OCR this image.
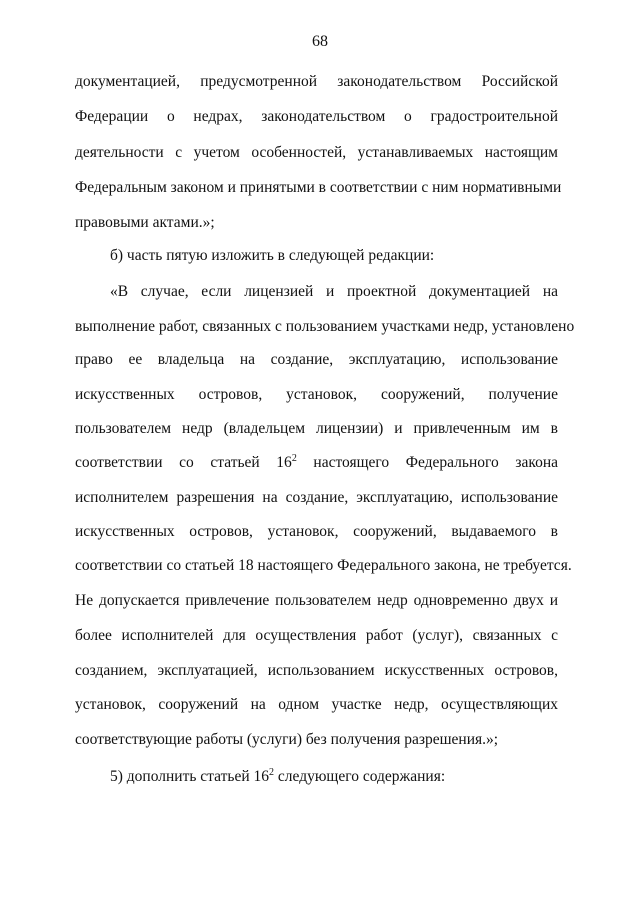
68
документацией, предусмотренной законодательством Российской
Федерации о недрах, законодательством о градостроительной
деятельности с учетом особенностей, устанавливаемых настоящим
Федеральным законом и принятыми в соответствии с ним нормативными
правовыми актами.»;
б) часть пятую изложить в следующей редакции:
«В случае, если лицензией и проектной документацией на
выполнение работ, связанных с пользованием участками недр, установлено
право ее владельца на создание, эксплуатацию, использование
искусственных островов, установок, сооружений, получение
пользователем недр (владельцем лицензии) и привлеченным им в
соответствии со статьей $16^2$ настоящего Федерального закона
исполнителем разрешения на создание, эксплуатацию, использование
искусственных островов, установок, сооружений, выдаваемого в
соответствии со статьей 18 настоящего Федерального закона, не требуется.
Не допускается привлечение пользователем недр одновременно двух и
более исполнителей для осуществления работ (услуг), связанных с
созданием, эксплуатацией, использованием искусственных островов,
установок, сооружений на одном участке недр, осуществляющих
соответствующие работы (услуги) без получения разрешения.»;
5) дополнить статьей $16^2$ следующего содержания:
